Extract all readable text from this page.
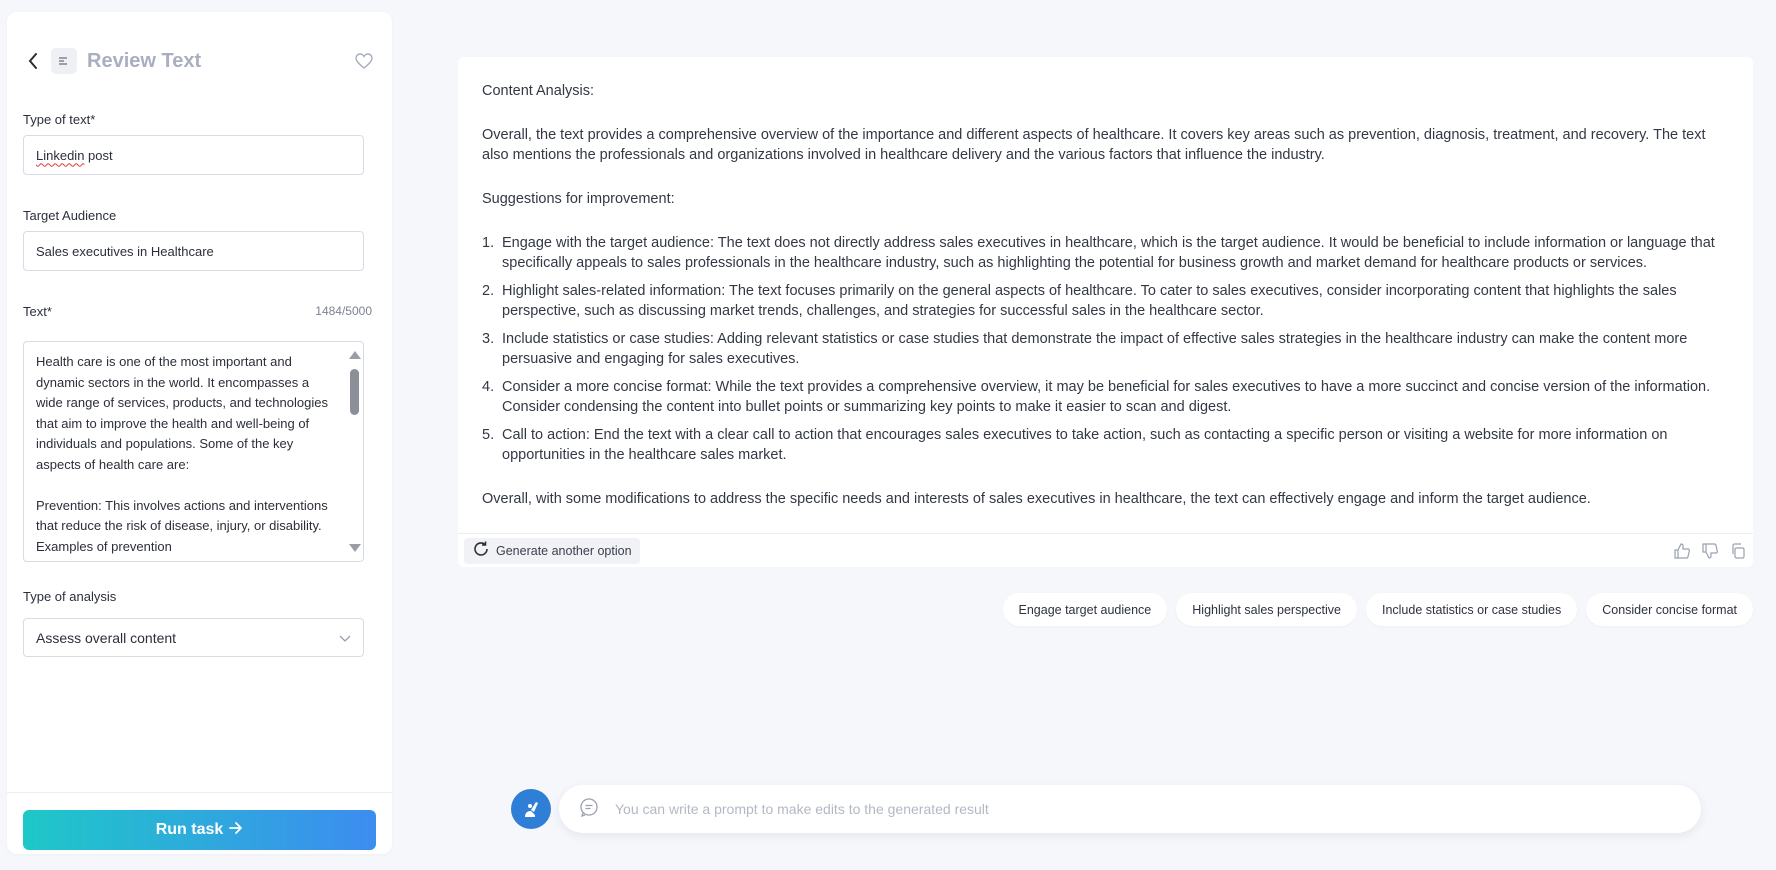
Review Text
Type of text*
Linkedin post
Target Audience
Sales executives in Healthcare
Text*	1484/5000
Health care is one of the most important and dynamic sectors in the world. It encompasses a wide range of services, products, and technologies that aim to improve the health and well-being of individuals and populations. Some of the key aspects of health care are:

Prevention: This involves actions and interventions that reduce the risk of disease, injury, or disability. Examples of prevention
Type of analysis
Assess overall content
Run task

Content Analysis:

Overall, the text provides a comprehensive overview of the importance and different aspects of healthcare. It covers key areas such as prevention, diagnosis, treatment, and recovery. The text also mentions the professionals and organizations involved in healthcare delivery and the various factors that influence the industry.

Suggestions for improvement:

1. Engage with the target audience: The text does not directly address sales executives in healthcare, which is the target audience. It would be beneficial to include information or language that specifically appeals to sales professionals in the healthcare industry, such as highlighting the potential for business growth and market demand for healthcare products or services.
2. Highlight sales-related information: The text focuses primarily on the general aspects of healthcare. To cater to sales executives, consider incorporating content that highlights the sales perspective, such as discussing market trends, challenges, and strategies for successful sales in the healthcare sector.
3. Include statistics or case studies: Adding relevant statistics or case studies that demonstrate the impact of effective sales strategies in the healthcare industry can make the content more persuasive and engaging for sales executives.
4. Consider a more concise format: While the text provides a comprehensive overview, it may be beneficial for sales executives to have a more succinct and concise version of the information. Consider condensing the content into bullet points or summarizing key points to make it easier to scan and digest.
5. Call to action: End the text with a clear call to action that encourages sales executives to take action, such as contacting a specific person or visiting a website for more information on opportunities in the healthcare sales market.

Overall, with some modifications to address the specific needs and interests of sales executives in healthcare, the text can effectively engage and inform the target audience.

Generate another option
Engage target audience	Highlight sales perspective	Include statistics or case studies	Consider concise format
You can write a prompt to make edits to the generated result
